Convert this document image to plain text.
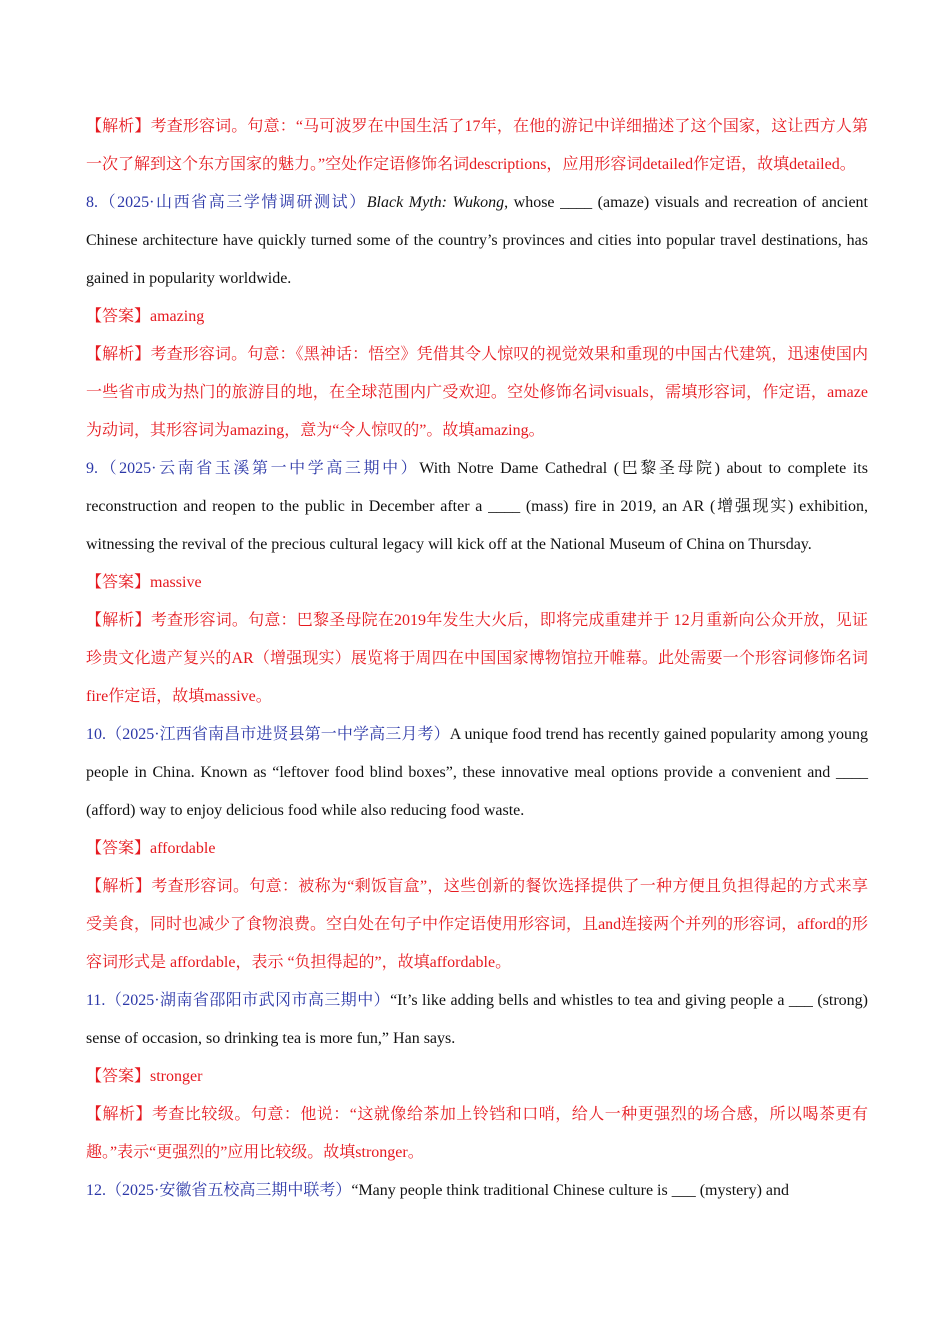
【解析】考查形容词。句意：“马可波罗在中国生活了17年，在他的游记中详细描述了这个国家，这让西方人第一次了解到这个东方国家的魅力。”空处作定语修饰名词descriptions，应用形容词detailed作定语，故填detailed。

8.（2025·山西省高三学情调研测试）Black Myth: Wukong, whose ____ (amaze) visuals and recreation of ancient Chinese architecture have quickly turned some of the country’s provinces and cities into popular travel destinations, has gained in popularity worldwide.

【答案】amazing

【解析】考查形容词。句意：《黑神话：悟空》凭借其令人惊叹的视觉效果和重现的中国古代建筑，迅速使国内一些省市成为热门的旅游目的地，在全球范围内广受欢迎。空处修饰名词visuals，需填形容词，作定语，amaze为动词，其形容词为amazing，意为“令人惊叹的”。故填amazing。

9.（2025·云南省玉溪第一中学高三期中）With Notre Dame Cathedral (巴黎圣母院) about to complete its reconstruction and reopen to the public in December after a ____ (mass) fire in 2019, an AR (增强现实) exhibition, witnessing the revival of the precious cultural legacy will kick off at the National Museum of China on Thursday.

【答案】massive

【解析】考查形容词。句意：巴黎圣母院在2019年发生大火后，即将完成重建并于 12月重新向公众开放，见证珍贵文化遗产复兴的AR（增强现实）展览将于周四在中国国家博物馆拉开帷幕。此处需要一个形容词修饰名词fire作定语，故填massive。

10.（2025·江西省南昌市进贤县第一中学高三月考）A unique food trend has recently gained popularity among young people in China. Known as “leftover food blind boxes”, these innovative meal options provide a convenient and ____ (afford) way to enjoy delicious food while also reducing food waste.

【答案】affordable

【解析】考查形容词。句意：被称为“剩饭盲盒”，这些创新的餐饮选择提供了一种方便且负担得起的方式来享受美食，同时也减少了食物浪费。空白处在句子中作定语使用形容词，且and连接两个并列的形容词，afford的形容词形式是 affordable，表示 “负担得起的”，故填affordable。

11.（2025·湖南省邵阳市武冈市高三期中）“It’s like adding bells and whistles to tea and giving people a ___ (strong) sense of occasion, so drinking tea is more fun,” Han says.

【答案】stronger

【解析】考查比较级。句意：他说：“这就像给茶加上铃铛和口哨，给人一种更强烈的场合感，所以喝茶更有趣。”表示“更强烈的”应用比较级。故填stronger。

12.（2025·安徽省五校高三期中联考）“Many people think traditional Chinese culture is ___ (mystery) and
